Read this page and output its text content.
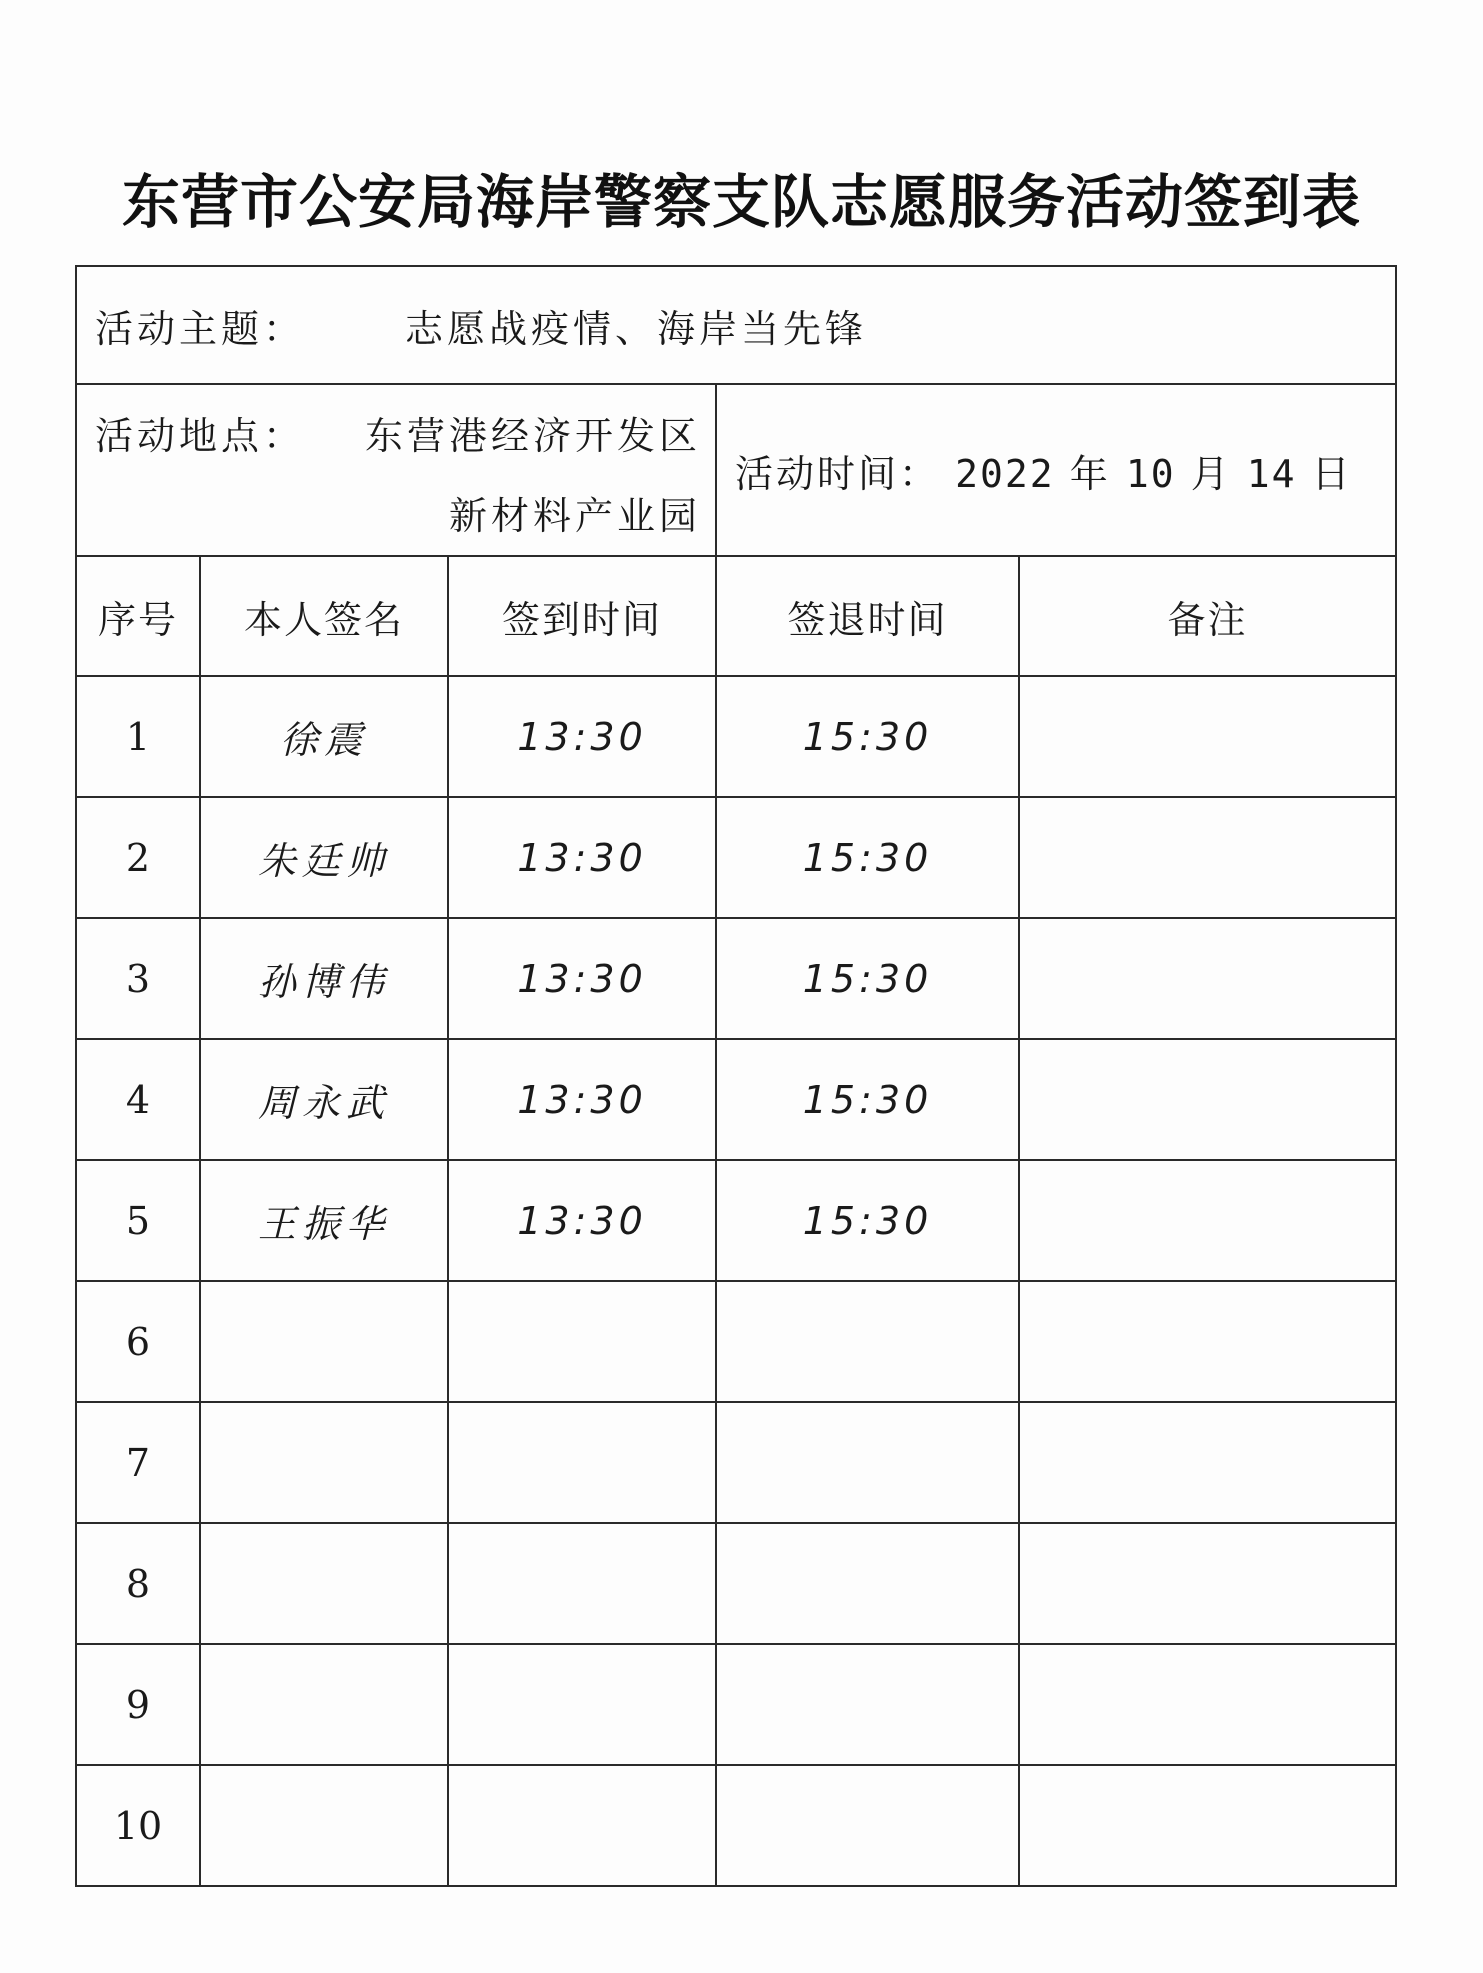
东营市公安局海岸警察支队志愿服务活动签到表
活动主题： 志愿战疫情、海岸当先锋				

活动地点： 东营港经济开发区
新材料产业园			活动时间： 2022 年 10 月 14 日	
序号	本人签名	签到时间	签退时间	备注
1	徐震	13:30	15:30	
2	朱廷帅	13:30	15:30	
3	孙博伟	13:30	15:30	
4	周永武	13:30	15:30	
5	王振华	13:30	15:30	
6				
7				
8				
9				
10				
